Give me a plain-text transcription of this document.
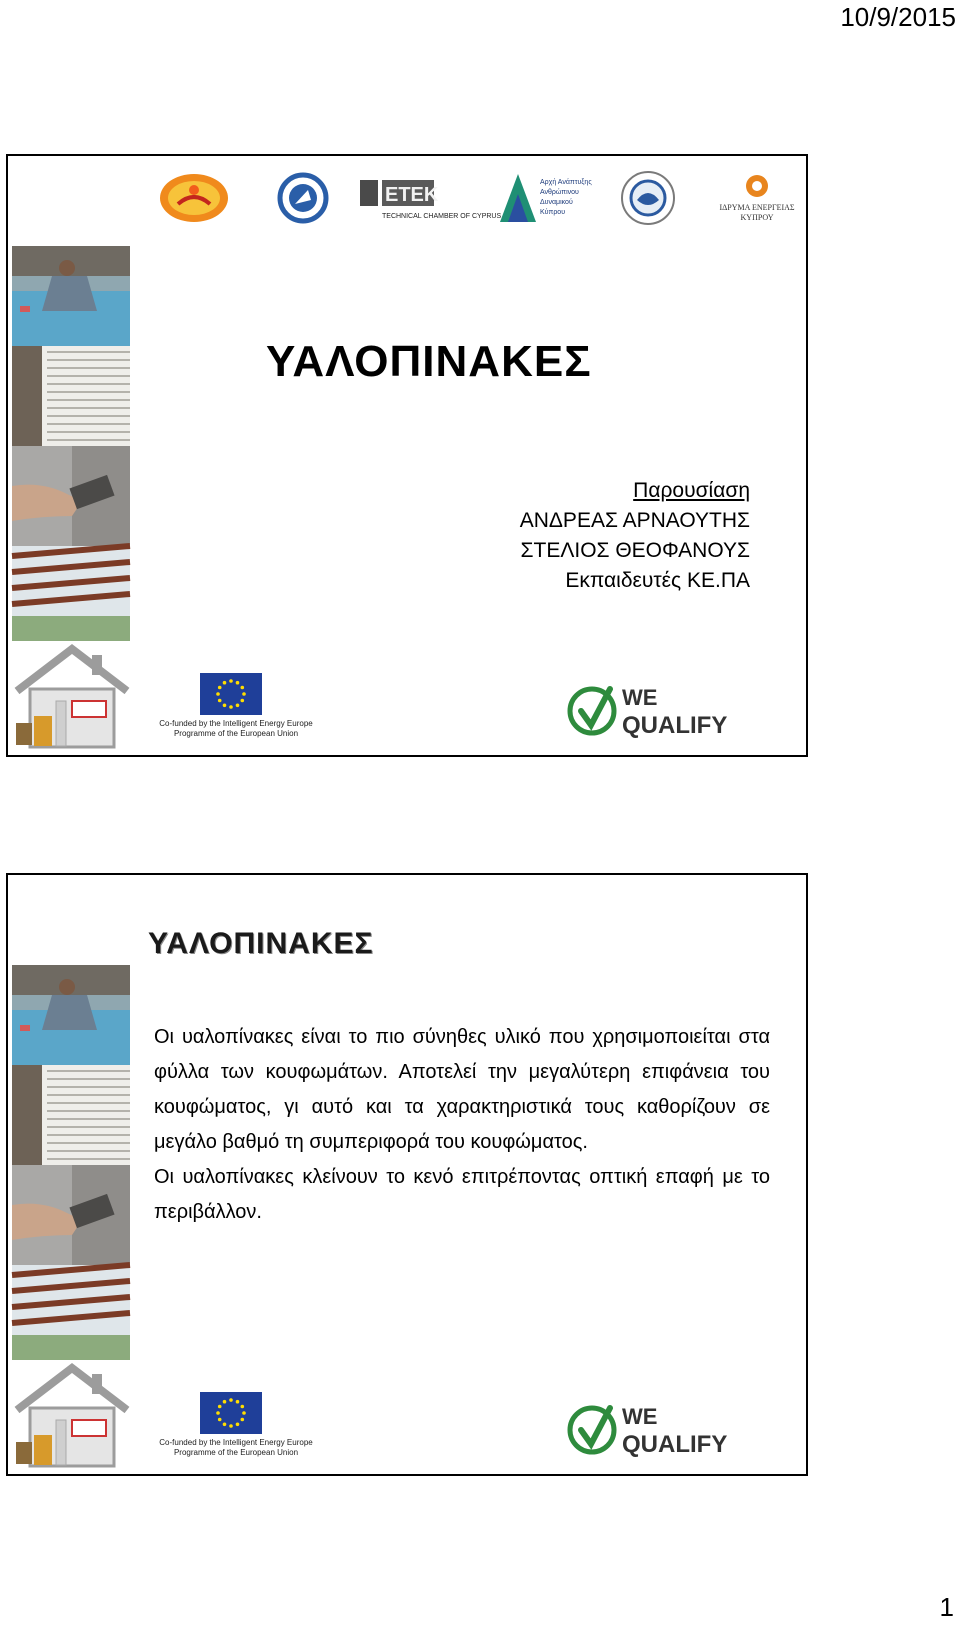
10/9/2015
ΕΤΕΚ
TECHNICAL CHAMBER OF CYPRUS
Αρχή Ανάπτυξης
Ανθρώπινου
Δυναμικού
Κύπρου
ΙΔΡΥΜΑ ΕΝΕΡΓΕΙΑΣ
ΚΥΠΡΟΥ
ΥΑΛΟΠΙΝΑΚΕΣ
Παρουσίαση
ΑΝΔΡΕΑΣ ΑΡΝΑΟΥΤΗΣ
ΣΤΕΛΙΟΣ ΘΕΟΦΑΝΟΥΣ
Εκπαιδευτές ΚΕ.ΠΑ
Co-funded by the Intelligent Energy Europe
Programme of the European Union
WE
QUALIFY
ΥΑΛΟΠΙΝΑΚΕΣ

Οι υαλοπίνακες είναι το πιο σύνηθες υλικό που χρησιμοποιείται στα φύλλα των κουφωμάτων. Αποτελεί την μεγαλύτερη επιφάνεια του κουφώματος, γι αυτό και τα χαρακτηριστικά τους καθορίζουν σε μεγάλο βαθμό τη συμπεριφορά του κουφώματος.

Οι υαλοπίνακες κλείνουν το κενό επιτρέποντας οπτική επαφή με το περιβάλλον.

Co-funded by the Intelligent Energy Europe
Programme of the European Union
WE
QUALIFY
1
